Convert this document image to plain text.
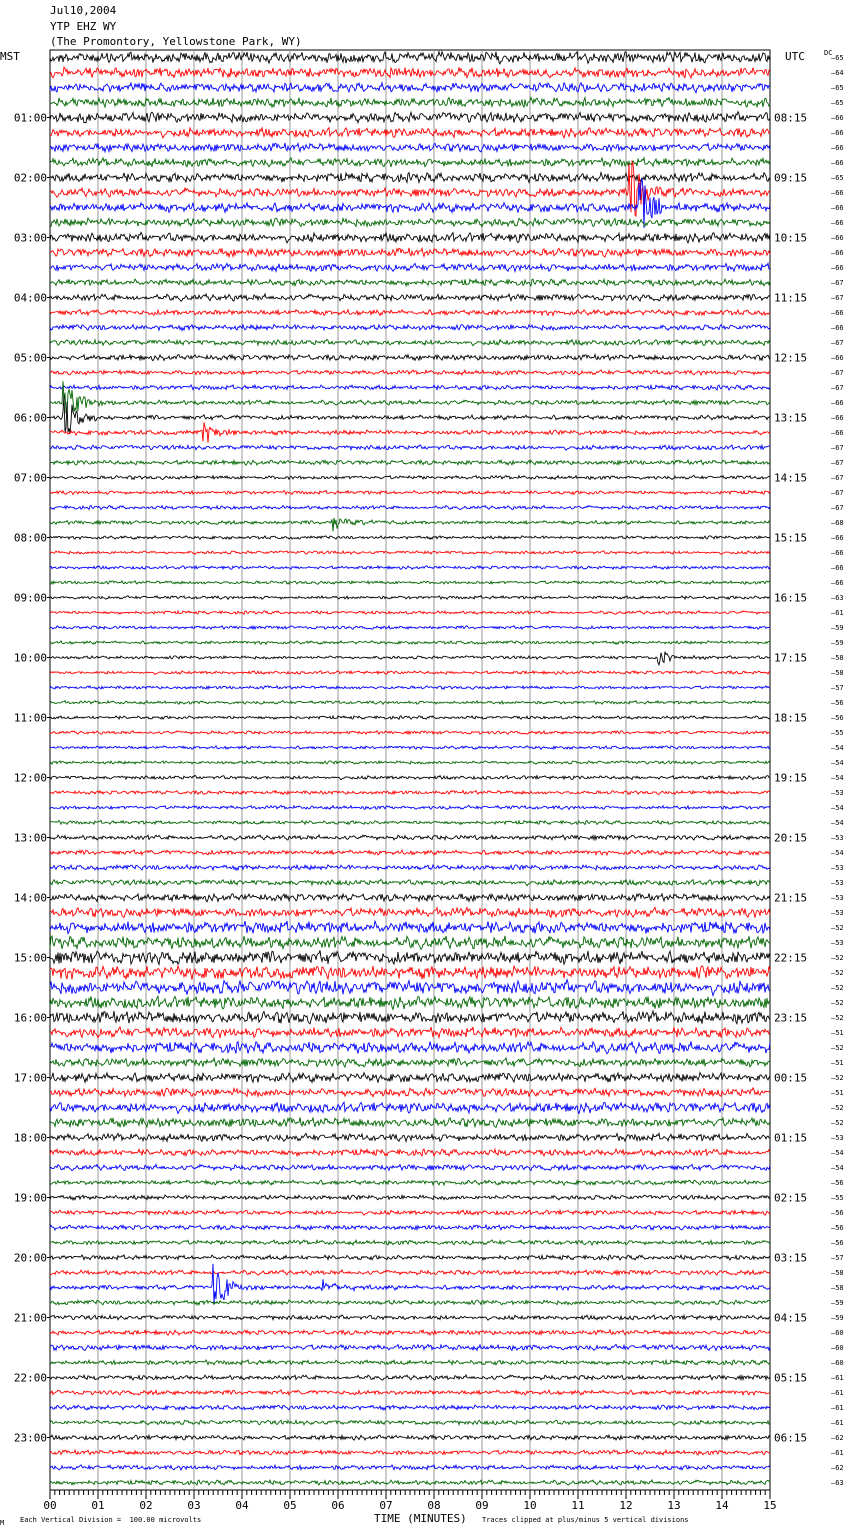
Jul10,2004
YTP EHZ WY
(The Promontory, Yellowstone Park, WY)
MST	UTC	DC
–65
–64
–65
–65
–66
–66
–66
–66
–65
–66
–66
–66
–66
–66
–66
–67
–67
–66
–66
–67
–66
–67
–67
–66
–66
–66
–67
–67
–67
–67
–67
–68
–66
–66
–66
–66
–63
–61
–59
–59
–58
–58
–57
–56
–56
–55
–54
–54
–54
–53
–54
–54
–53
–54
–53
–53
–53
–53
–52
–53
–52
–52
–52
–52
–52
–51
–52
–51
–52
–51
–52
–52
–53
–54
–54
–56
–55
–56
–56
–56
–57
–58
–58
–59
–59
–60
–60
–60
–61
–61
–61
–61
–62
–61
–62
–63
01:00
02:00
03:00
04:00
05:00
06:00
07:00
08:00
09:00
10:00
11:00
12:00
13:00
14:00
15:00
16:00
17:00
18:00
19:00
20:00
21:00
22:00
23:00
08:15
09:15
10:15
11:15
12:15
13:15
14:15
15:15
16:15
17:15
18:15
19:15
20:15
21:15
22:15
23:15
00:15
01:15
02:15
03:15
04:15
05:15
06:15
00	01	02	03	04	05	06	07	08	09	10	11	12	13	14	15
M Each Vertical Division =  100.00 microvolts	TIME (MINUTES) Traces clipped at plus/minus 5 vertical divisions
